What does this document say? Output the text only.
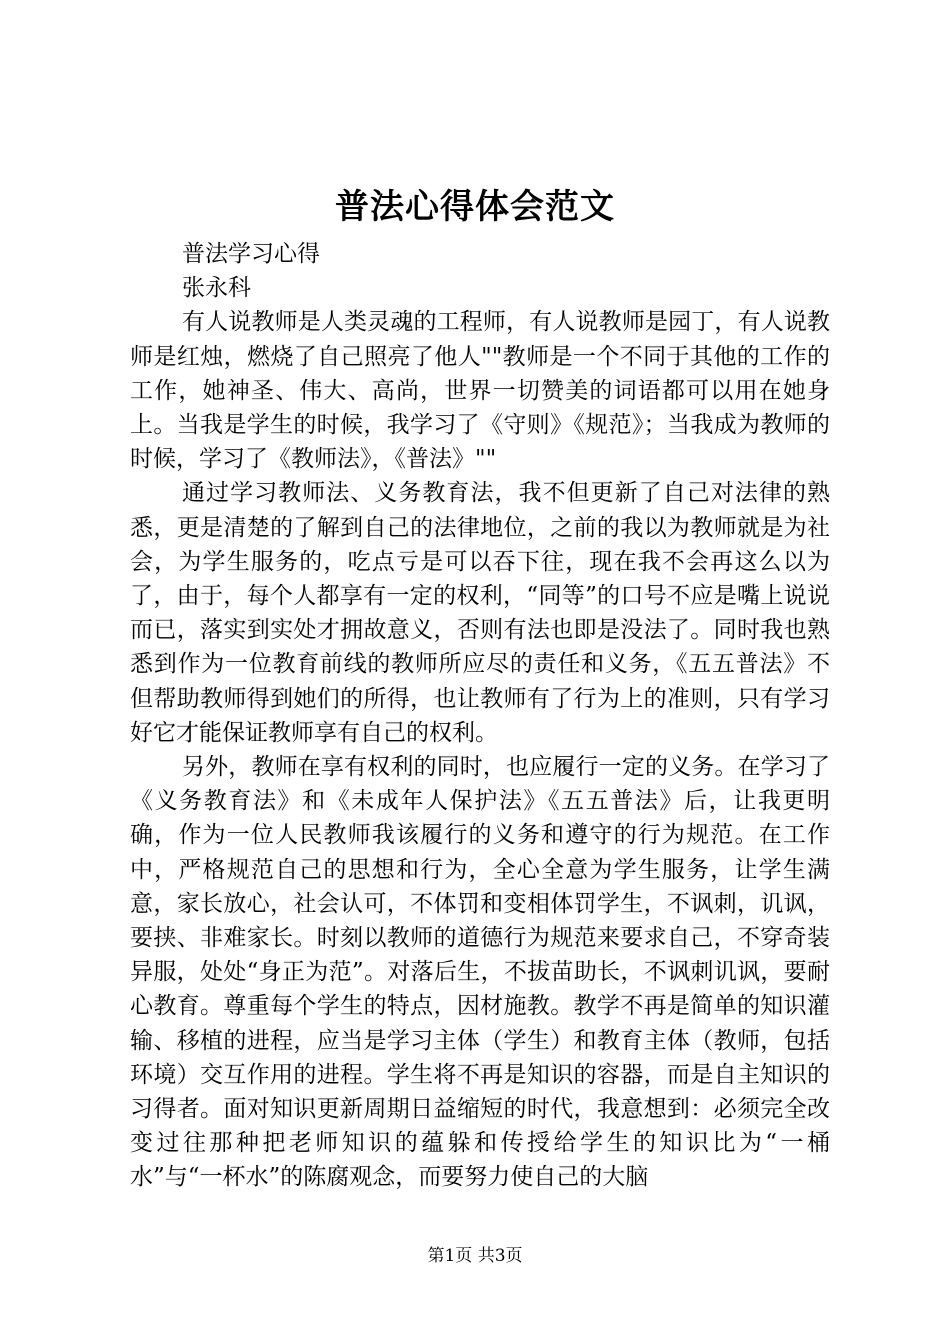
普法心得体会范文

普法学习心得

张永科

有人说教师是人类灵魂的工程师，有人说教师是园丁，有人说教师是红烛，燃烧了自己照亮了他人""教师是一个不同于其他的工作的工作，她神圣、伟大、高尚，世界一切赞美的词语都可以用在她身上。当我是学生的时候，我学习了《守则》《规范》；当我成为教师的时候，学习了《教师法》，《普法》""

通过学习教师法、义务教育法，我不但更新了自己对法律的熟悉，更是清楚的了解到自己的法律地位，之前的我以为教师就是为社会，为学生服务的，吃点亏是可以吞下往，现在我不会再这么以为了，由于，每个人都享有一定的权利，“同等”的口号不应是嘴上说说而已，落实到实处才拥故意义，否则有法也即是没法了。同时我也熟悉到作为一位教育前线的教师所应尽的责任和义务，《五五普法》不但帮助教师得到她们的所得，也让教师有了行为上的准则，只有学习好它才能保证教师享有自己的权利。

另外，教师在享有权利的同时，也应履行一定的义务。在学习了《义务教育法》和《未成年人保护法》《五五普法》后，让我更明确，作为一位人民教师我该履行的义务和遵守的行为规范。在工作中，严格规范自己的思想和行为，全心全意为学生服务，让学生满意，家长放心，社会认可，不体罚和变相体罚学生，不讽刺，讥讽，要挟、非难家长。时刻以教师的道德行为规范来要求自己，不穿奇装异服，处处“身正为范”。对落后生，不拔苗助长，不讽刺讥讽，要耐心教育。尊重每个学生的特点，因材施教。教学不再是简单的知识灌输、移植的进程，应当是学习主体（学生）和教育主体（教师，包括环境）交互作用的进程。学生将不再是知识的容器，而是自主知识的习得者。面对知识更新周期日益缩短的时代，我意想到：必须完全改变过往那种把老师知识的蕴躲和传授给学生的知识比为“一桶水”与“一杯水”的陈腐观念，而要努力使自己的大脑

第1页 共3页
